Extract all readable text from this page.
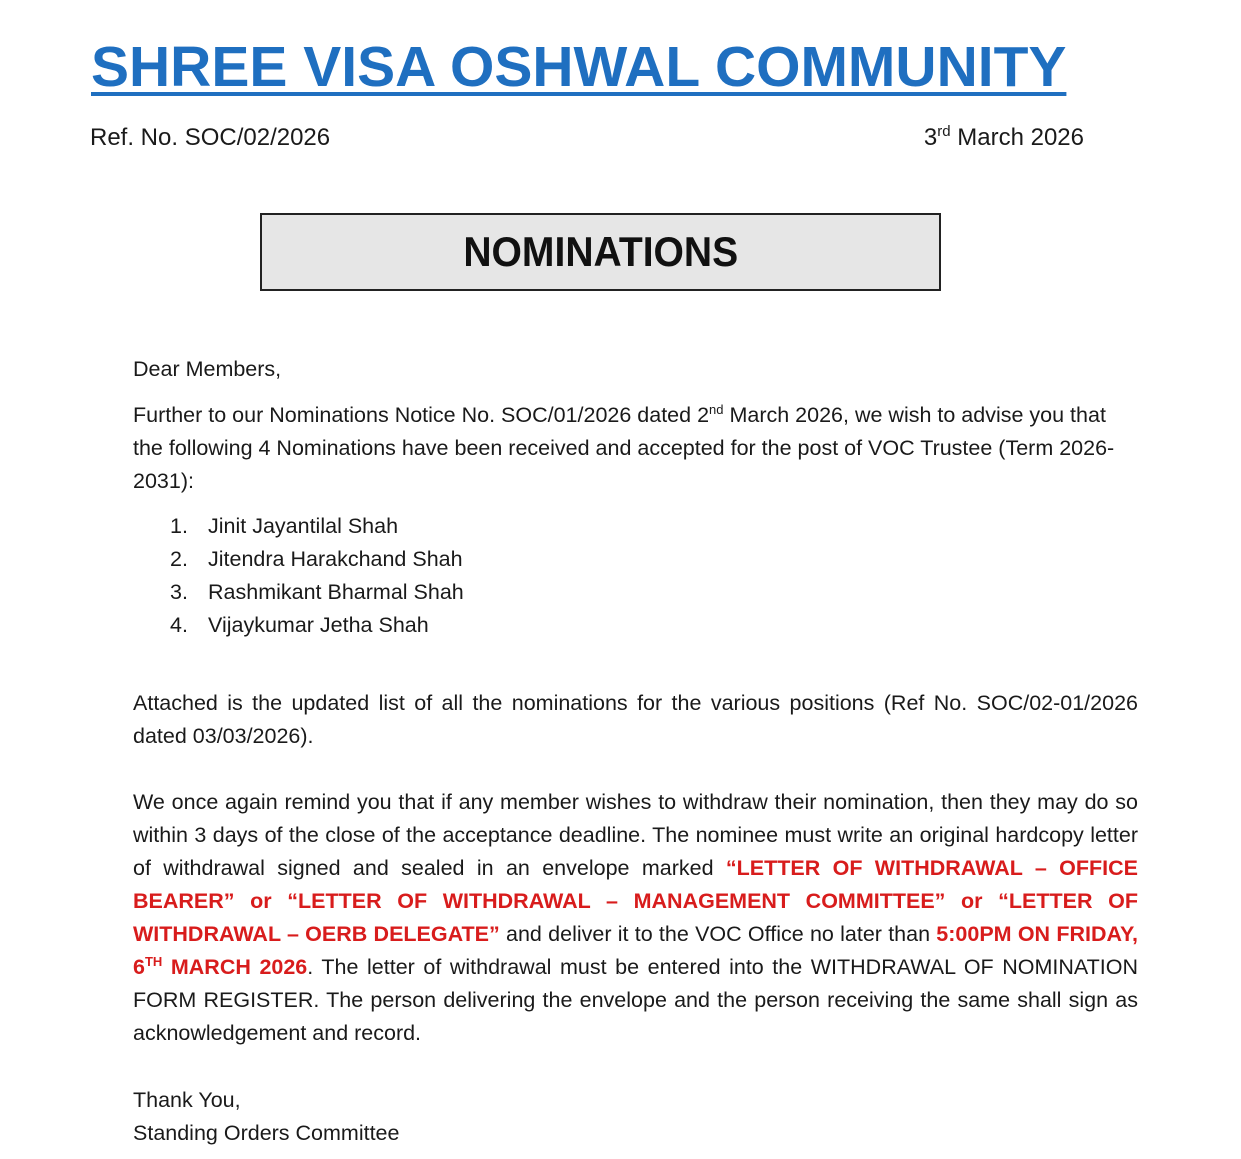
SHREE VISA OSHWAL COMMUNITY
Ref. No. SOC/02/2026	3rd March 2026
NOMINATIONS

Dear Members,

Further to our Nominations Notice No. SOC/01/2026 dated 2nd March 2026, we wish to advise you that the following 4 Nominations have been received and accepted for the post of VOC Trustee (Term 2026-2031):

1. Jinit Jayantilal Shah
2. Jitendra Harakchand Shah
3. Rashmikant Bharmal Shah
4. Vijaykumar Jetha Shah

Attached is the updated list of all the nominations for the various positions (Ref No. SOC/02-01/2026 dated 03/03/2026).

We once again remind you that if any member wishes to withdraw their nomination, then they may do so within 3 days of the close of the acceptance deadline. The nominee must write an original hardcopy letter of withdrawal signed and sealed in an envelope marked “LETTER OF WITHDRAWAL – OFFICE BEARER” or “LETTER OF WITHDRAWAL – MANAGEMENT COMMITTEE” or “LETTER OF WITHDRAWAL – OERB DELEGATE” and deliver it to the VOC Office no later than 5:00PM ON FRIDAY, 6TH MARCH 2026. The letter of withdrawal must be entered into the WITHDRAWAL OF NOMINATION FORM REGISTER. The person delivering the envelope and the person receiving the same shall sign as acknowledgement and record.

Thank You,

Standing Orders Committee
